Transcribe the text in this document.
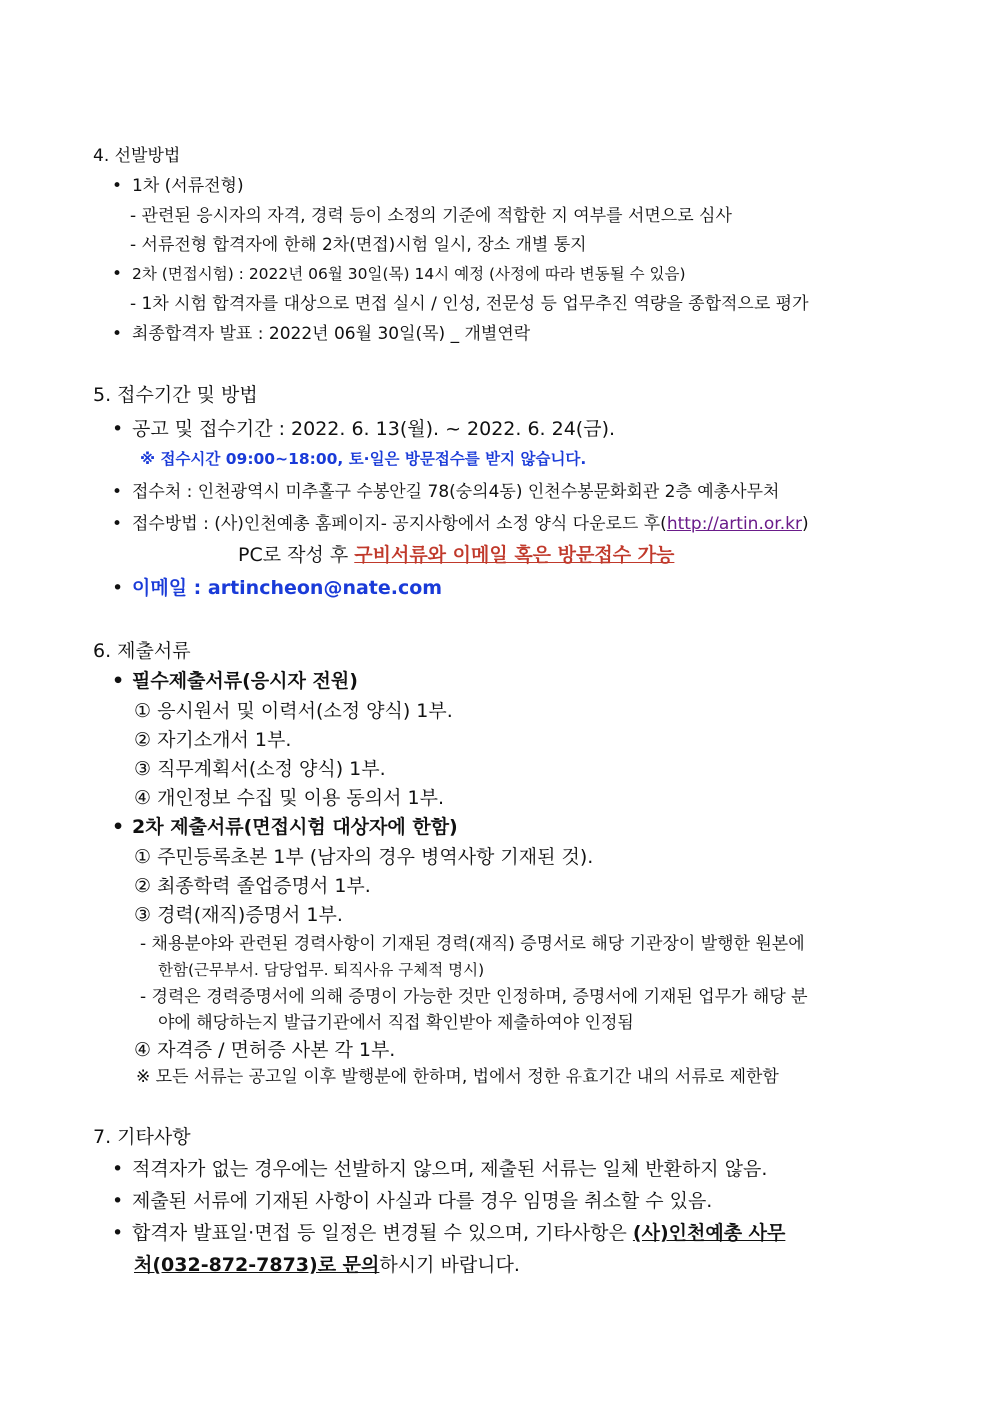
4. 선발방법
• 1차 (서류전형)
- 관련된 응시자의 자격, 경력 등이 소정의 기준에 적합한 지 여부를 서면으로 심사
- 서류전형 합격자에 한해 2차(면접)시험 일시, 장소 개별 통지
• 2차 (면접시험) : 2022년 06월 30일(목) 14시 예정 (사정에 따라 변동될 수 있음)
- 1차 시험 합격자를 대상으로 면접 실시 / 인성, 전문성 등 업무추진 역량을 종합적으로 평가
• 최종합격자 발표 : 2022년 06월 30일(목) _ 개별연락
5. 접수기간 및 방법
• 공고 및 접수기간 : 2022. 6. 13(월). ~ 2022. 6. 24(금).
※ 접수시간 09:00~18:00, 토·일은 방문접수를 받지 않습니다.
• 접수처 : 인천광역시 미추홀구 수봉안길 78(숭의4동) 인천수봉문화회관 2층 예총사무처
• 접수방법 : (사)인천예총 홈페이지- 공지사항에서 소정 양식 다운로드 후(http://artin.or.kr)
PC로 작성 후 구비서류와 이메일 혹은 방문접수 가능
• 이메일 : artincheon@nate.com
6. 제출서류
• 필수제출서류(응시자 전원)
① 응시원서 및 이력서(소정 양식) 1부.
② 자기소개서 1부.
③ 직무계획서(소정 양식) 1부.
④ 개인정보 수집 및 이용 동의서 1부.
• 2차 제출서류(면접시험 대상자에 한함)
① 주민등록초본 1부 (남자의 경우 병역사항 기재된 것).
② 최종학력 졸업증명서 1부.
③ 경력(재직)증명서 1부.
- 채용분야와 관련된 경력사항이 기재된 경력(재직) 증명서로 해당 기관장이 발행한 원본에
한함(근무부서. 담당업무. 퇴직사유 구체적 명시)
- 경력은 경력증명서에 의해 증명이 가능한 것만 인정하며, 증명서에 기재된 업무가 해당 분
야에 해당하는지 발급기관에서 직접 확인받아 제출하여야 인정됨
④ 자격증 / 면허증 사본 각 1부.
※ 모든 서류는 공고일 이후 발행분에 한하며, 법에서 정한 유효기간 내의 서류로 제한함
7. 기타사항
• 적격자가 없는 경우에는 선발하지 않으며, 제출된 서류는 일체 반환하지 않음.
• 제출된 서류에 기재된 사항이 사실과 다를 경우 임명을 취소할 수 있음.
• 합격자 발표일·면접 등 일정은 변경될 수 있으며, 기타사항은 (사)인천예총 사무
처(032-872-7873)로 문의하시기 바랍니다.
